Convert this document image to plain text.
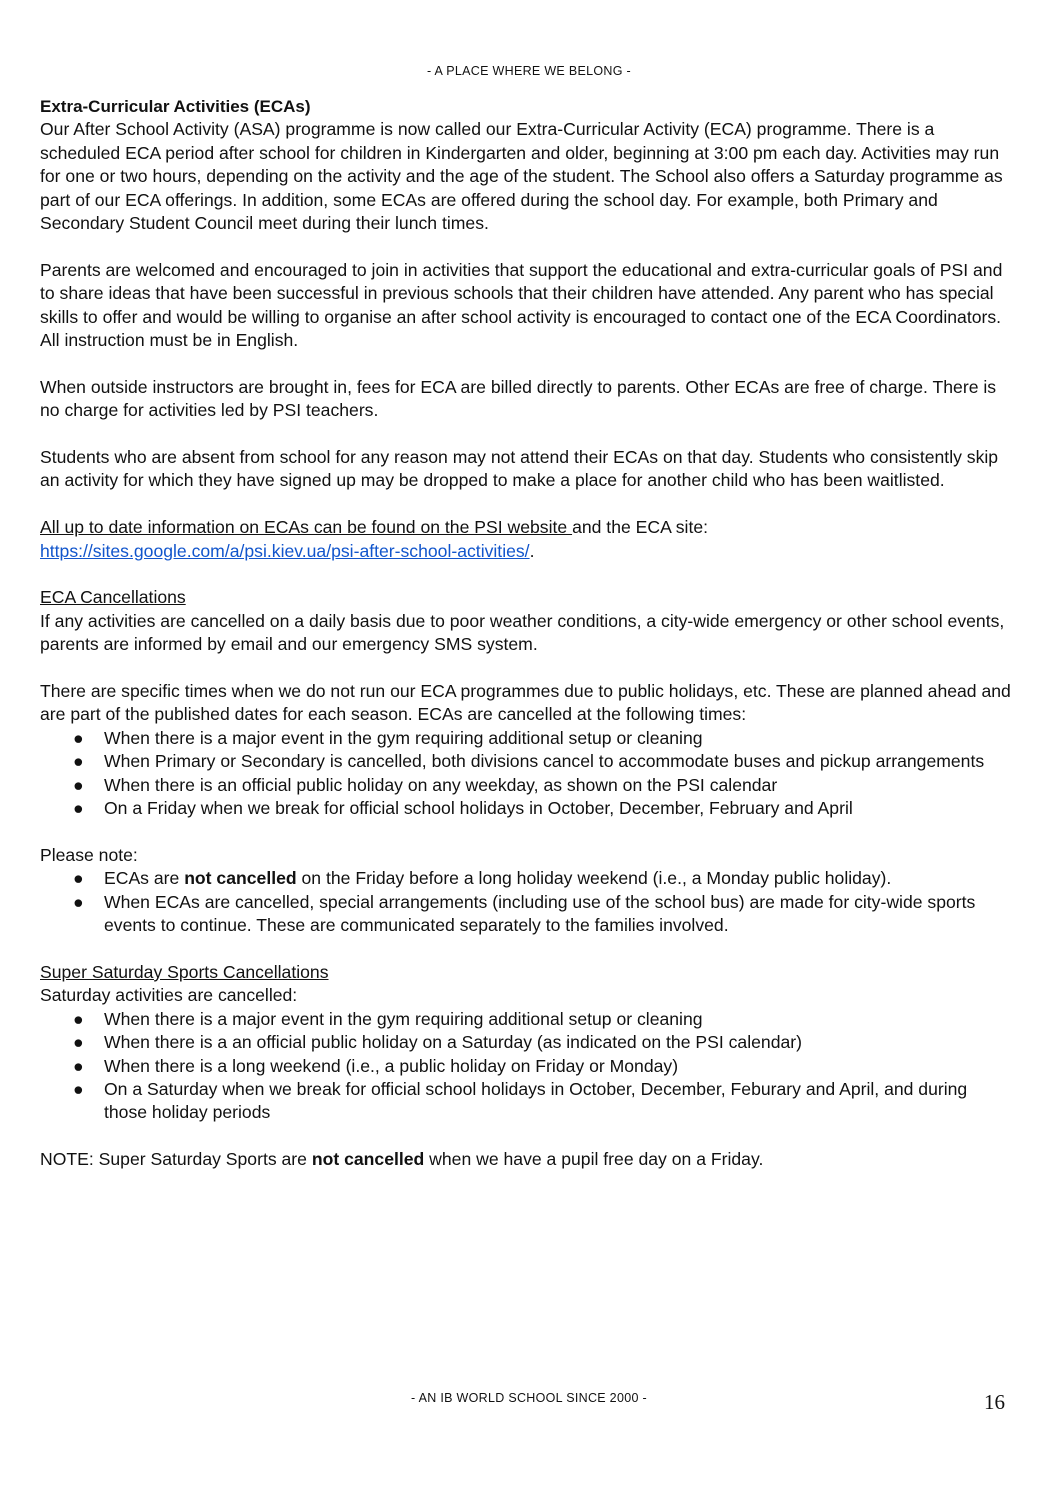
- A PLACE WHERE WE BELONG -

Extra-Curricular Activities (ECAs)

Our After School Activity (ASA) programme is now called our Extra-Curricular Activity (ECA) programme. There is a scheduled ECA period after school for children in Kindergarten and older, beginning at 3:00 pm each day. Activities may run for one or two hours, depending on the activity and the age of the student. The School also offers a Saturday programme as part of our ECA offerings. In addition, some ECAs are offered during the school day. For example, both Primary and Secondary Student Council meet during their lunch times.

Parents are welcomed and encouraged to join in activities that support the educational and extra-curricular goals of PSI and to share ideas that have been successful in previous schools that their children have attended. Any parent who has special skills to offer and would be willing to organise an after school activity is encouraged to contact one of the ECA Coordinators. All instruction must be in English.

When outside instructors are brought in, fees for ECA are billed directly to parents. Other ECAs are free of charge. There is no charge for activities led by PSI teachers.

Students who are absent from school for any reason may not attend their ECAs on that day. Students who consistently skip an activity for which they have signed up may be dropped to make a place for another child who has been waitlisted.

All up to date information on ECAs can be found on the PSI website and the ECA site:
https://sites.google.com/a/psi.kiev.ua/psi-after-school-activities/.

ECA Cancellations

If any activities are cancelled on a daily basis due to poor weather conditions, a city-wide emergency or other school events, parents are informed by email and our emergency SMS system.

There are specific times when we do not run our ECA programmes due to public holidays, etc. These are planned ahead and are part of the published dates for each season. ECAs are cancelled at the following times:

● When there is a major event in the gym requiring additional setup or cleaning
● When Primary or Secondary is cancelled, both divisions cancel to accommodate buses and pickup arrangements
● When there is an official public holiday on any weekday, as shown on the PSI calendar
● On a Friday when we break for official school holidays in October, December, February and April

Please note:

● ECAs are not cancelled on the Friday before a long holiday weekend (i.e., a Monday public holiday).
● When ECAs are cancelled, special arrangements (including use of the school bus) are made for city-wide sports events to continue. These are communicated separately to the families involved.

Super Saturday Sports Cancellations

Saturday activities are cancelled:

● When there is a major event in the gym requiring additional setup or cleaning
● When there is a an official public holiday on a Saturday (as indicated on the PSI calendar)
● When there is a long weekend (i.e., a public holiday on Friday or Monday)
● On a Saturday when we break for official school holidays in October, December, Feburary and April, and during those holiday periods

NOTE: Super Saturday Sports are not cancelled when we have a pupil free day on a Friday.

- AN IB WORLD SCHOOL SINCE 2000 -	16
